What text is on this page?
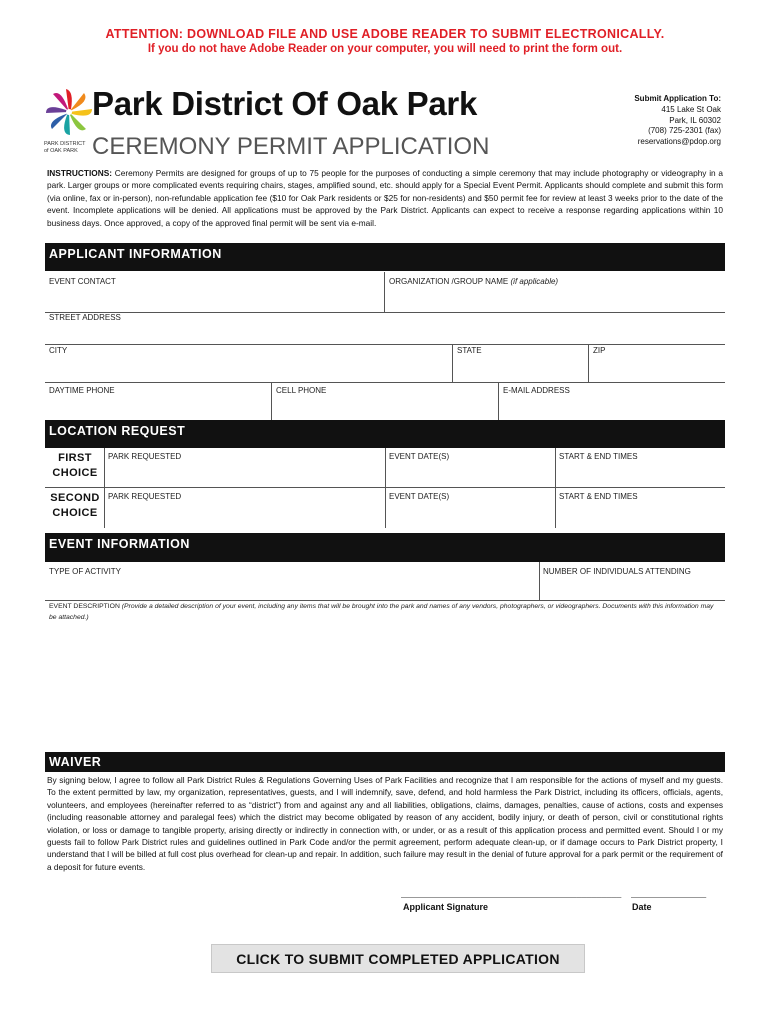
ATTENTION: DOWNLOAD FILE AND USE ADOBE READER TO SUBMIT ELECTRONICALLY.
If you do not have Adobe Reader on your computer, you will need to print the form out.
PARK DISTRICT
of OAK PARK
Park District Of Oak Park
CEREMONY PERMIT APPLICATION
Submit Application To:
415 Lake St Oak
Park, IL 60302
(708) 725-2301 (fax)
reservations@pdop.org
INSTRUCTIONS: Ceremony Permits are designed for groups of up to 75 people for the purposes of conducting a simple ceremony that may include photography or videography in a park. Larger groups or more complicated events requiring chairs, stages, amplified sound, etc. should apply for a Special Event Permit. Applicants should complete and submit this form (via online, fax or in-person), non-refundable application fee ($10 for Oak Park residents or $25 for non-residents) and $50 permit fee for review at least 3 weeks prior to the date of the event. Incomplete applications will be denied. All applications must be approved by the Park District. Applicants can expect to receive a response regarding applications within 10 business days. Once approved, a copy of the approved final permit will be sent via e-mail.
APPLICANT INFORMATION
EVENT CONTACT	ORGANIZATION /GROUP NAME (if applicable)
STREET ADDRESS
CITY	STATE	ZIP
DAYTIME PHONE	CELL PHONE	E-MAIL ADDRESS
LOCATION REQUEST
FIRST
CHOICE
PARK REQUESTED	EVENT DATE(S)	START & END TIMES
SECOND
CHOICE
PARK REQUESTED	EVENT DATE(S)	START & END TIMES
EVENT INFORMATION
TYPE OF ACTIVITY	NUMBER OF INDIVIDUALS ATTENDING
EVENT DESCRIPTION (Provide a detailed description of your event, including any items that will be brought into the park and names of any vendors, photographers, or videographers. Documents with this information may be attached.)
WAIVER
By signing below, I agree to follow all Park District Rules & Regulations Governing Uses of Park Facilities and recognize that I am responsible for the actions of myself and my guests. To the extent permitted by law, my organization, representatives, guests, and I will indemnify, save, defend, and hold harmless the Park District, including its officers, officials, agents, volunteers, and employees (hereinafter referred to as “district”) from and against any and all liabilities, obligations, claims, damages, penalties, cause of actions, costs and expenses (including reasonable attorney and paralegal fees) which the district may become obligated by reason of any accident, bodily injury, or death of person, civil or constitutional rights violation, or loss or damage to tangible property, arising directly or indirectly in connection with, or under, or as a result of this application process and permitted event. Should I or my guests fail to follow Park District rules and guidelines outlined in Park Code and/or the permit agreement, perform adequate clean-up, or if damage occurs to Park District property, I understand that I will be billed at full cost plus overhead for clean-up and repair. In addition, such failure may result in the denial of future approval for a park permit or the requirement of a deposit for future events.
____________________________________________ _______________
Applicant Signature	Date
CLICK TO SUBMIT COMPLETED APPLICATION
